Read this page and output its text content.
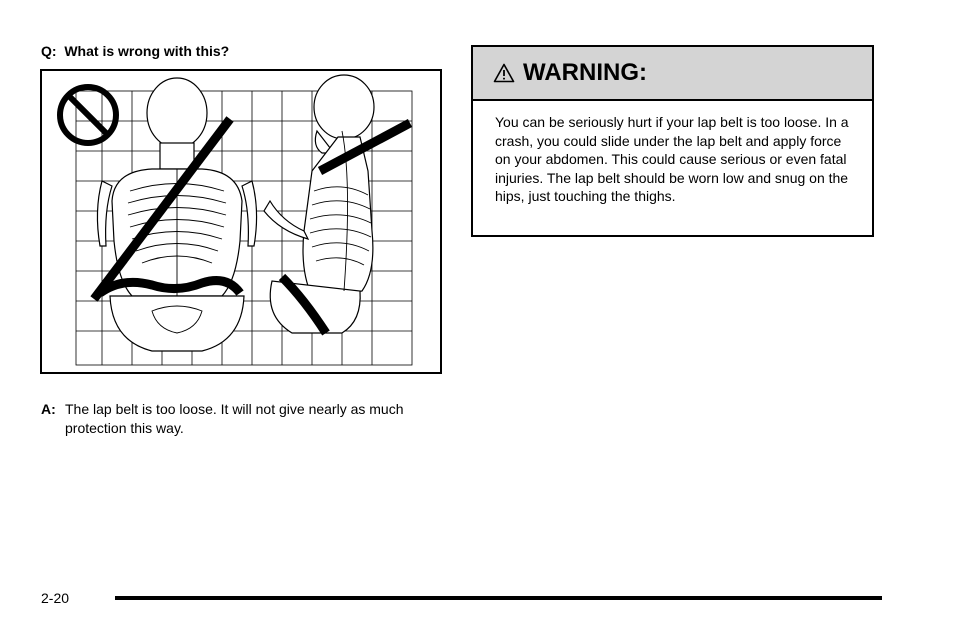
Q: What is wrong with this?
A: The lap belt is too loose. It will not give nearly as much protection this way.
WARNING:
You can be seriously hurt if your lap belt is too loose. In a crash, you could slide under the lap belt and apply force on your abdomen. This could cause serious or even fatal injuries. The lap belt should be worn low and snug on the hips, just touching the thighs.
2-20
